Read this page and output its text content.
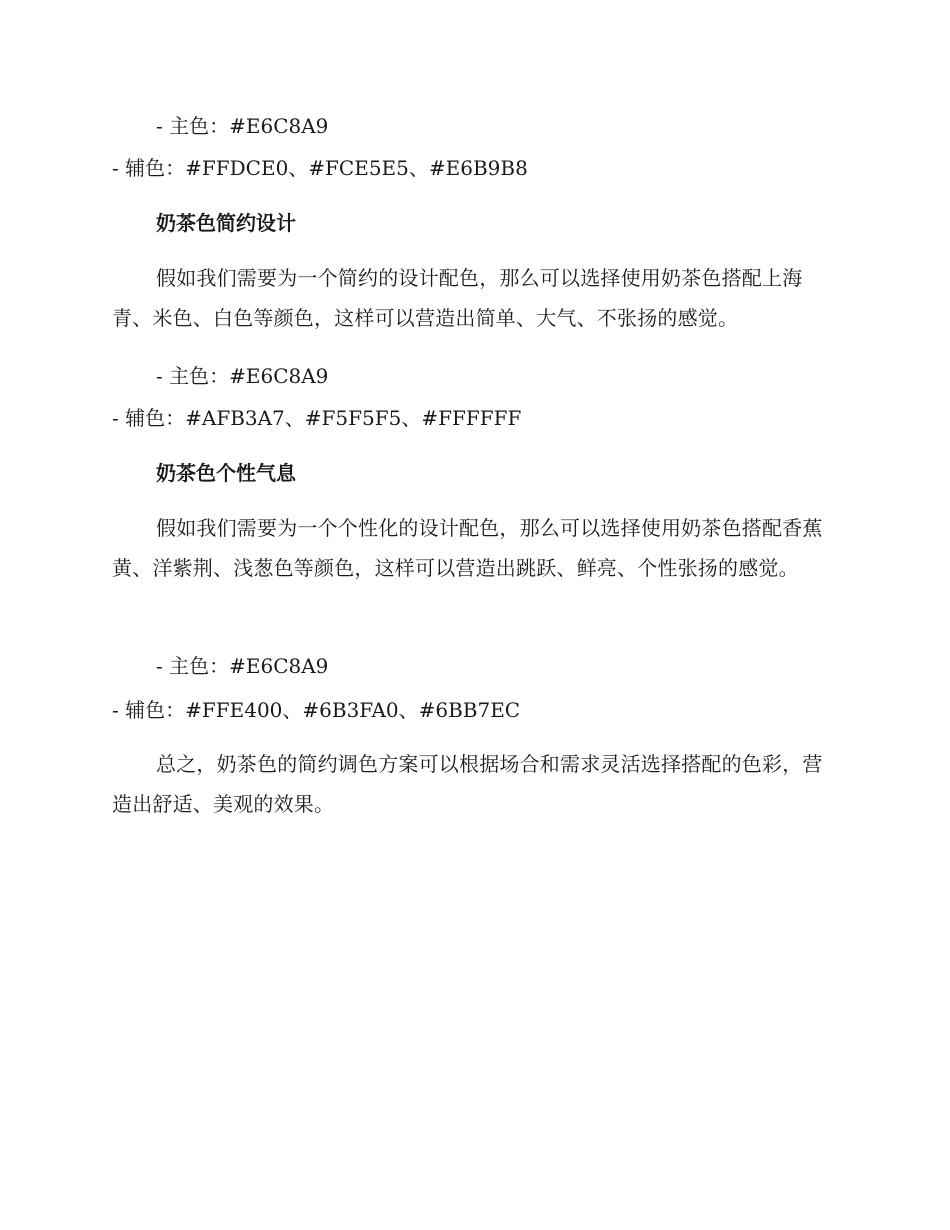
- 主色：#E6C8A9
- 辅色：#FFDCE0、#FCE5E5、#E6B9B8
奶茶色简约设计
假如我们需要为一个简约的设计配色，那么可以选择使用奶茶色搭配上海青、米色、白色等颜色，这样可以营造出简单、大气、不张扬的感觉。
- 主色：#E6C8A9
- 辅色：#AFB3A7、#F5F5F5、#FFFFFF
奶茶色个性气息
假如我们需要为一个个性化的设计配色，那么可以选择使用奶茶色搭配香蕉黄、洋紫荆、浅葱色等颜色，这样可以营造出跳跃、鲜亮、个性张扬的感觉。
- 主色：#E6C8A9
- 辅色：#FFE400、#6B3FA0、#6BB7EC
总之，奶茶色的简约调色方案可以根据场合和需求灵活选择搭配的色彩，营造出舒适、美观的效果。
